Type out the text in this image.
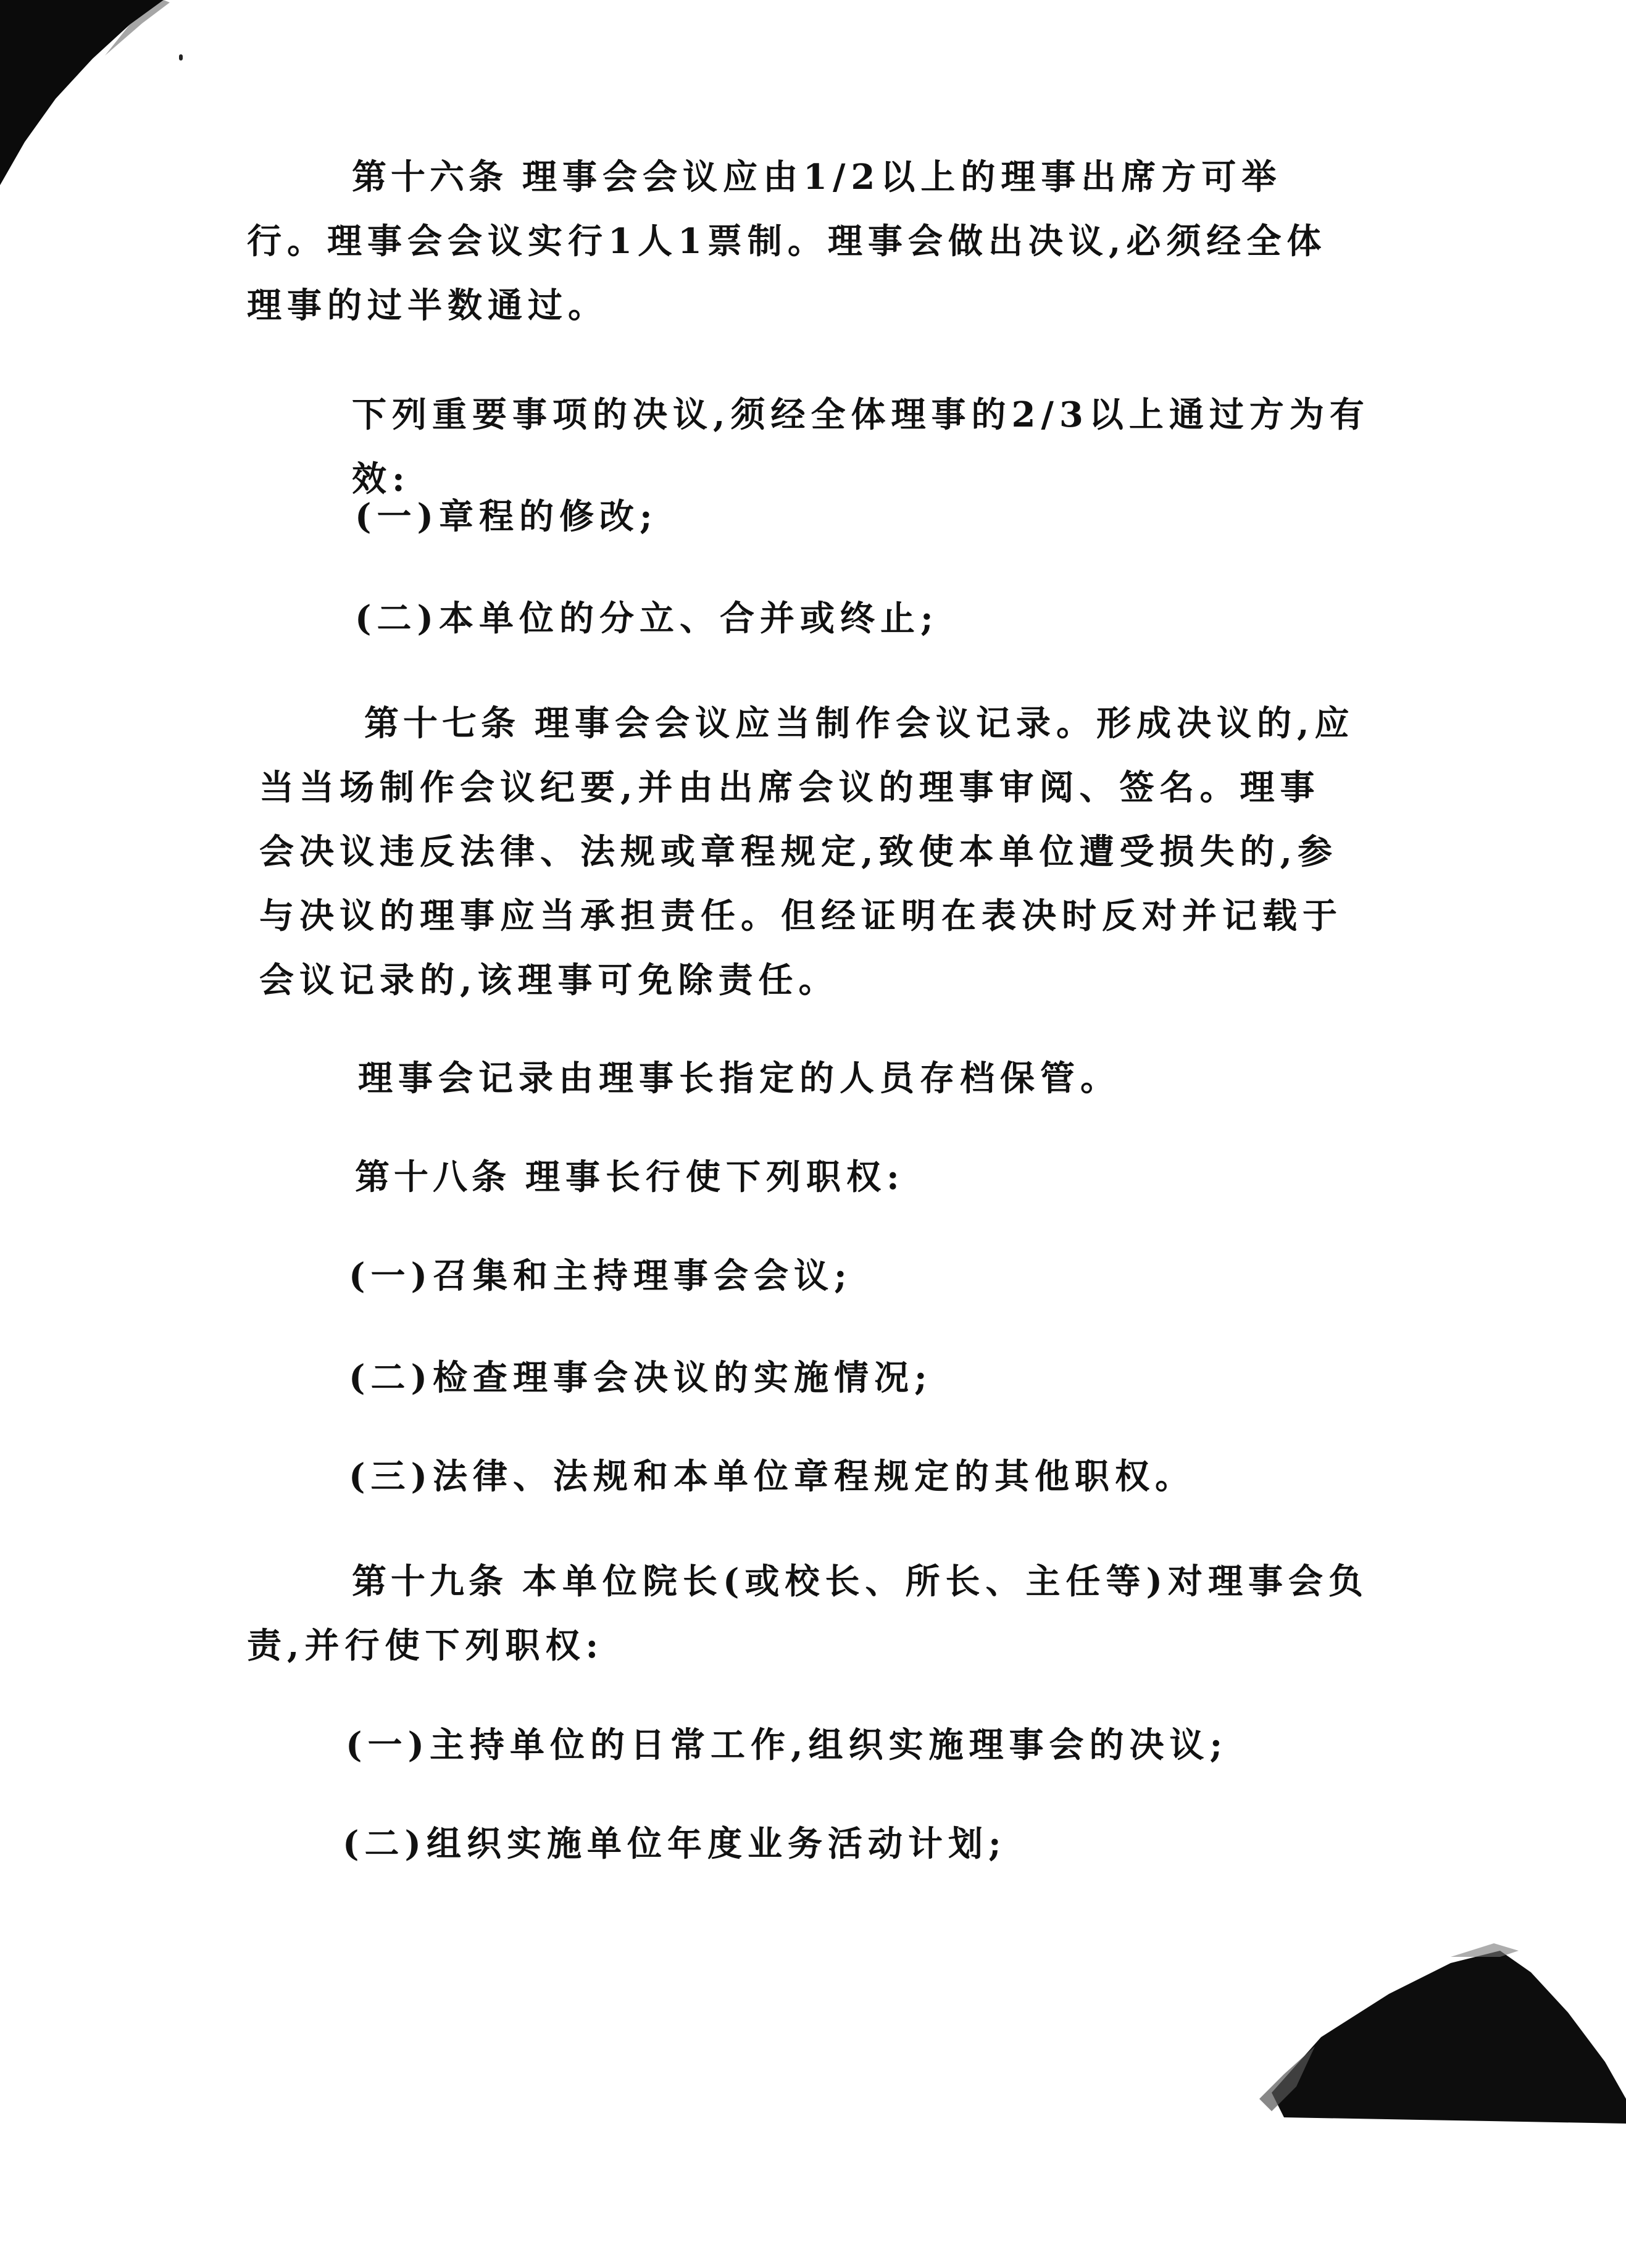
第十六条 理事会会议应由1/2以上的理事出席方可举行。理事会会议实行1人1票制。理事会做出决议,必须经全体理事的过半数通过。

下列重要事项的决议,须经全体理事的2/3以上通过方为有效:

(一)章程的修改;

(二)本单位的分立、合并或终止;

第十七条 理事会会议应当制作会议记录。形成决议的,应当当场制作会议纪要,并由出席会议的理事审阅、签名。理事会决议违反法律、法规或章程规定,致使本单位遭受损失的,参与决议的理事应当承担责任。但经证明在表决时反对并记载于会议记录的,该理事可免除责任。

理事会记录由理事长指定的人员存档保管。

第十八条 理事长行使下列职权:

(一)召集和主持理事会会议;

(二)检查理事会决议的实施情况;

(三)法律、法规和本单位章程规定的其他职权。

第十九条 本单位院长(或校长、所长、主任等)对理事会负责,并行使下列职权:

(一)主持单位的日常工作,组织实施理事会的决议;

(二)组织实施单位年度业务活动计划;
